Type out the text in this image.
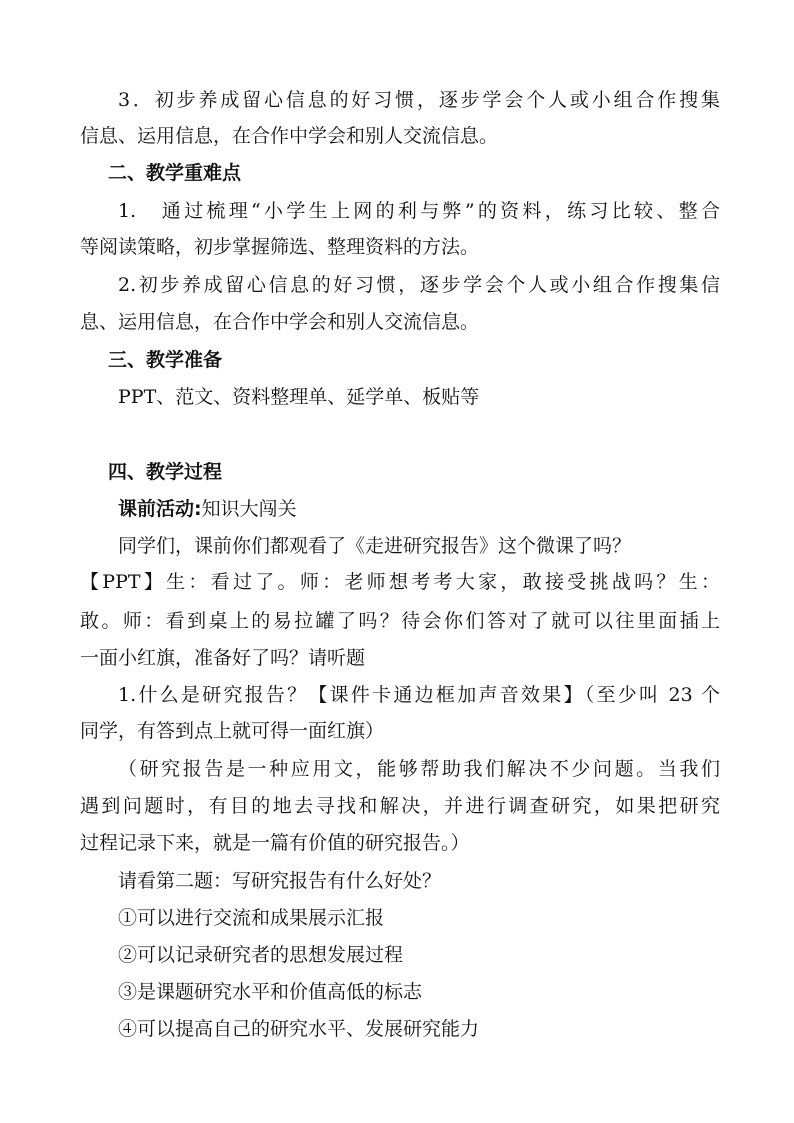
3．初步养成留心信息的好习惯，逐步学会个人或小组合作搜集
信息、运用信息，在合作中学会和别人交流信息。
二、教学重难点
1.　通过梳理“小学生上网的利与弊”的资料，练习比较、整合
等阅读策略，初步掌握筛选、整理资料的方法。
2.初步养成留心信息的好习惯，逐步学会个人或小组合作搜集信
息、运用信息，在合作中学会和别人交流信息。
三、教学准备
PPT、范文、资料整理单、延学单、板贴等
四、教学过程
课前活动:知识大闯关
同学们，课前你们都观看了《走进研究报告》这个微课了吗？
【PPT】生：看过了。师：老师想考考大家，敢接受挑战吗？生：
敢。师：看到桌上的易拉罐了吗？待会你们答对了就可以往里面插上
一面小红旗，准备好了吗？请听题
1.什么是研究报告？【课件卡通边框加声音效果】（至少叫 23 个
同学，有答到点上就可得一面红旗）
（研究报告是一种应用文，能够帮助我们解决不少问题。当我们
遇到问题时，有目的地去寻找和解决，并进行调查研究，如果把研究
过程记录下来，就是一篇有价值的研究报告。）
请看第二题：写研究报告有什么好处？
①可以进行交流和成果展示汇报
②可以记录研究者的思想发展过程
③是课题研究水平和价值高低的标志
④可以提高自己的研究水平、发展研究能力
